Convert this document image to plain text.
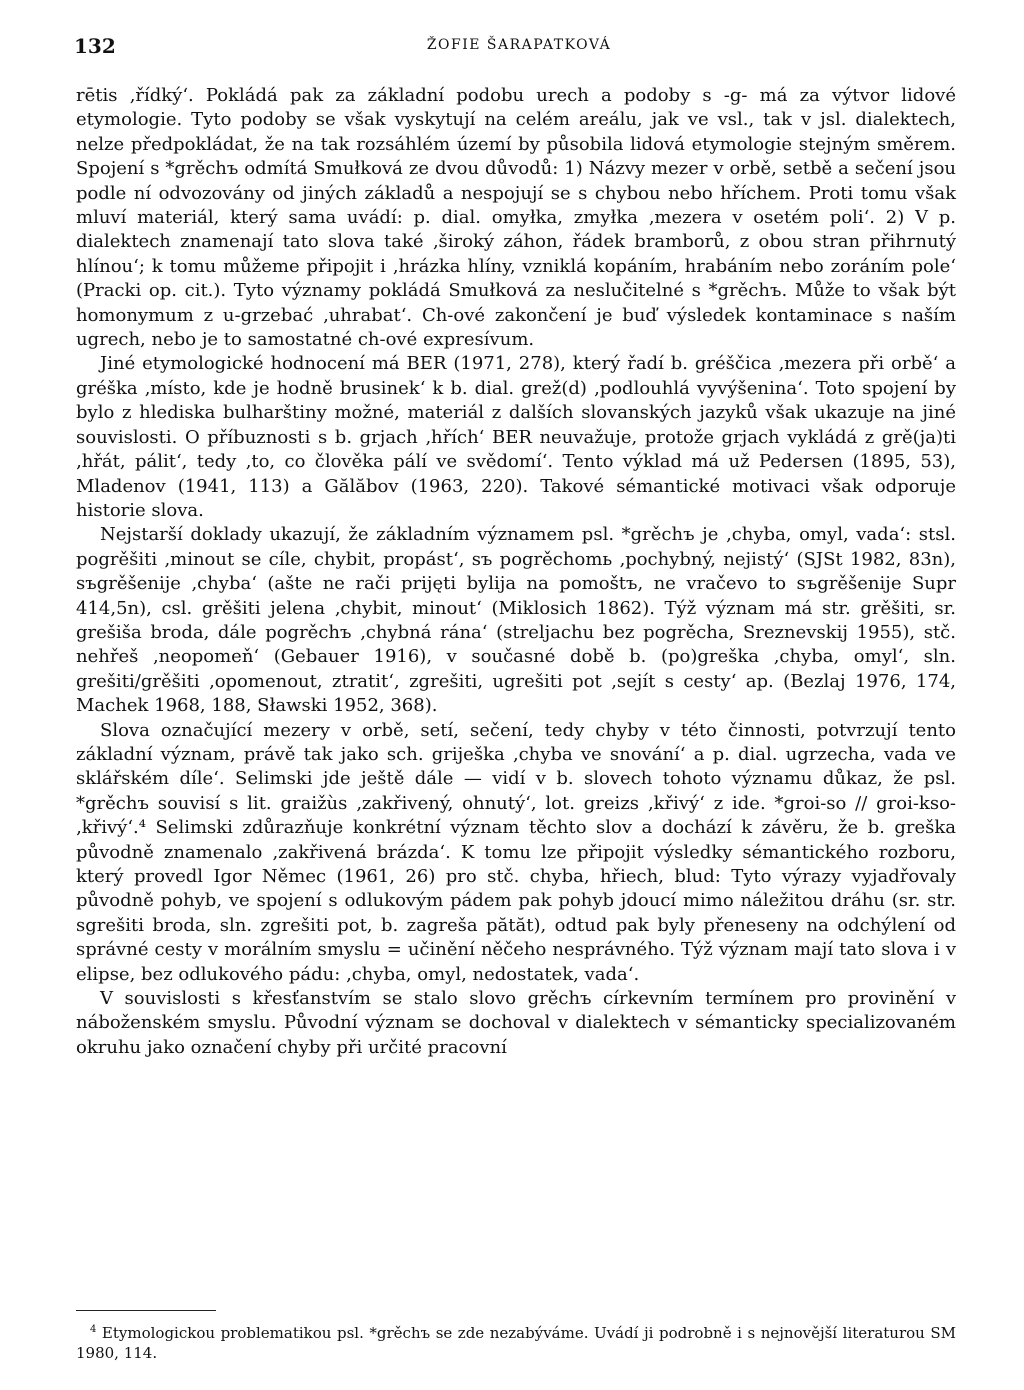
132	ŽOFIE ŠARAPATKOVÁ

rētis ‚řídký‘. Pokládá pak za základní podobu urech a podoby s -g- má za výtvor lidové etymologie. Tyto podoby se však vyskytují na celém areálu, jak ve vsl., tak v jsl. dialektech, nelze předpokládat, že na tak rozsáhlém území by působila lidová etymologie stejným směrem. Spojení s *grěchъ odmítá Smułková ze dvou důvodů: 1) Názvy mezer v orbě, setbě a sečení jsou podle ní odvozovány od jiných základů a nespojují se s chybou nebo hříchem. Proti tomu však mluví materiál, který sama uvádí: p. dial. omyłka, zmyłka ‚mezera v osetém poli‘. 2) V p. dialektech znamenají tato slova také ‚široký záhon, řádek bramborů, z obou stran přihrnutý hlínou‘; k tomu můžeme připojit i ‚hrázka hlíny, vzniklá kopáním, hrabáním nebo zoráním pole‘ (Pracki op. cit.). Tyto významy pokládá Smułková za neslučitelné s *grěchъ. Může to však být homonymum z u-grzebać ‚uhrabat‘. Ch-ové zakončení je buď výsledek kontaminace s naším ugrech, nebo je to samostatné ch-ové expresívum.

Jiné etymologické hodnocení má BER (1971, 278), který řadí b. gréščica ‚mezera při orbě‘ a gréška ‚místo, kde je hodně brusinek‘ k b. dial. grež(d) ‚podlouhlá vyvýšenina‘. Toto spojení by bylo z hlediska bulharštiny možné, materiál z dalších slovanských jazyků však ukazuje na jiné souvislosti. O příbuznosti s b. grjach ‚hřích‘ BER neuvažuje, protože grjach vykládá z grě(ja)ti ‚hřát, pálit‘, tedy ‚to, co člověka pálí ve svědomí‘. Tento výklad má už Pedersen (1895, 53), Mladenov (1941, 113) a Gălăbov (1963, 220). Takové sémantické motivaci však odporuje historie slova.

Nejstarší doklady ukazují, že základním významem psl. *grěchъ je ‚chyba, omyl, vada‘: stsl. pogrěšiti ‚minout se cíle, chybit, propást‘, sъ pogrěchomь ‚pochybný, nejistý‘ (SJSt 1982, 83n), sъgrěšenije ‚chyba‘ (ašte ne rači prijęti bylija na pomoštъ, ne vračevo to sъgrěšenije Supr 414,5n), csl. grěšiti jelena ‚chybit, minout‘ (Miklosich 1862). Týž význam má str. grěšiti, sr. grešiša broda, dále pogrěchъ ‚chybná rána‘ (streljachu bez pogrěcha, Sreznevskij 1955), stč. nehřeš ‚neopomeň‘ (Gebauer 1916), v současné době b. (po)greška ‚chyba, omyl‘, sln. grešiti/grěšiti ‚opomenout, ztratit‘, zgrešiti, ugrešiti pot ‚sejít s cesty‘ ap. (Bezlaj 1976, 174, Machek 1968, 188, Sławski 1952, 368).

Slova označující mezery v orbě, setí, sečení, tedy chyby v této činnosti, potvrzují tento základní význam, právě tak jako sch. griješka ‚chyba ve snování‘ a p. dial. ugrzecha, vada ve sklářském díle‘. Selimski jde ještě dále — vidí v b. slovech tohoto významu důkaz, že psl. *grěchъ souvisí s lit. graižùs ‚zakřivený, ohnutý‘, lot. greizs ‚křivý‘ z ide. *groi-so // groi-kso- ‚křivý‘.⁴ Selimski zdůrazňuje konkrétní význam těchto slov a dochází k závěru, že b. greška původně znamenalo ‚zakřivená brázda‘. K tomu lze připojit výsledky sémantického rozboru, který provedl Igor Němec (1961, 26) pro stč. chyba, hřiech, blud: Tyto výrazy vyjadřovaly původně pohyb, ve spojení s odlukovým pádem pak pohyb jdoucí mimo náležitou dráhu (sr. str. sgrešiti broda, sln. zgrešiti pot, b. zagreša pătăt), odtud pak byly přeneseny na odchýlení od správné cesty v morálním smyslu = učinění něčeho nesprávného. Týž význam mají tato slova i v elipse, bez odlukového pádu: ‚chyba, omyl, nedostatek, vada‘.

V souvislosti s křesťanstvím se stalo slovo grěchъ církevním termínem pro provinění v náboženském smyslu. Původní význam se dochoval v dialektech v sémanticky specializovaném okruhu jako označení chyby při určité pracovní

$^4$ Etymologickou problematikou psl. *grěchъ se zde nezabýváme. Uvádí ji podrobně i s nejnovější literaturou SM 1980, 114.
